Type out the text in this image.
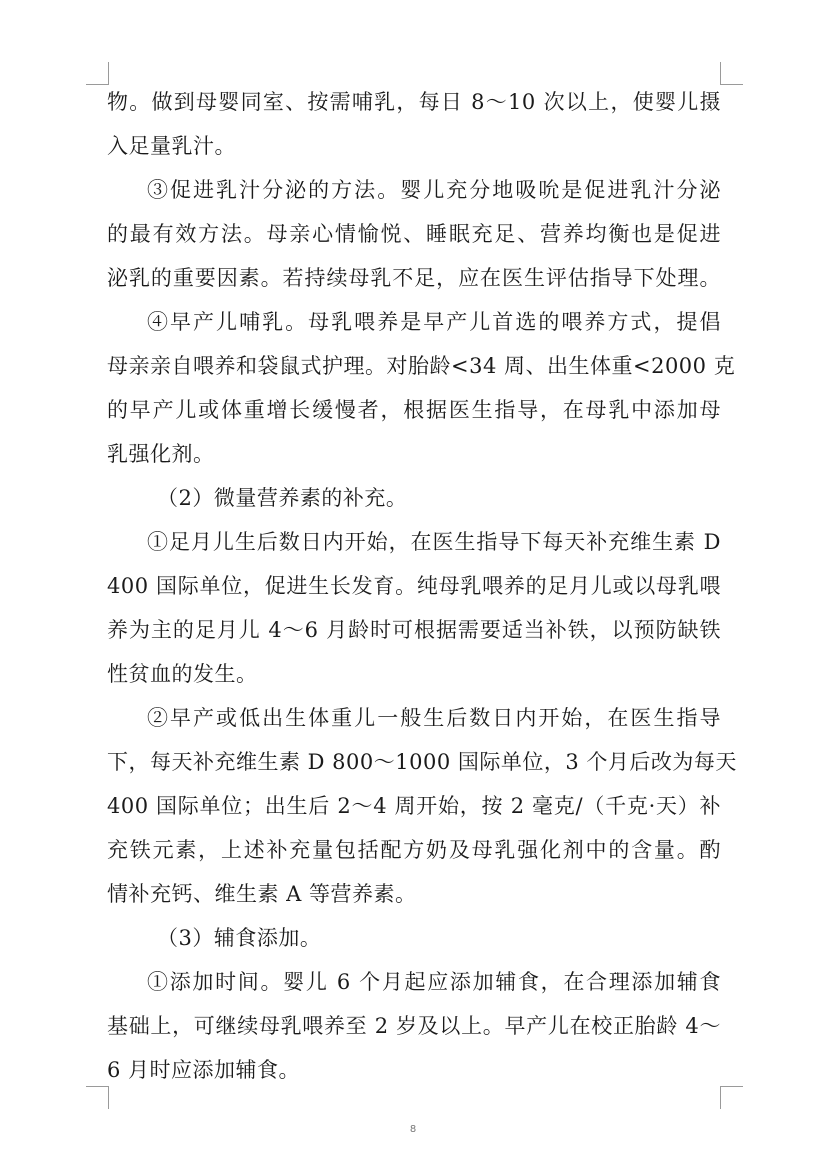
物。做到母婴同室、按需哺乳，每日 8～10 次以上，使婴儿摄
入足量乳汁。
③促进乳汁分泌的方法。婴儿充分地吸吮是促进乳汁分泌
的最有效方法。母亲心情愉悦、睡眠充足、营养均衡也是促进
泌乳的重要因素。若持续母乳不足，应在医生评估指导下处理。
④早产儿哺乳。母乳喂养是早产儿首选的喂养方式，提倡
母亲亲自喂养和袋鼠式护理。对胎龄<34 周、出生体重<2000 克
的早产儿或体重增长缓慢者，根据医生指导，在母乳中添加母
乳强化剂。
（2）微量营养素的补充。
①足月儿生后数日内开始，在医生指导下每天补充维生素 D
400 国际单位，促进生长发育。纯母乳喂养的足月儿或以母乳喂
养为主的足月儿 4～6 月龄时可根据需要适当补铁，以预防缺铁
性贫血的发生。
②早产或低出生体重儿一般生后数日内开始，在医生指导
下，每天补充维生素 D 800～1000 国际单位，3 个月后改为每天
400 国际单位；出生后 2～4 周开始，按 2 毫克/（千克·天）补
充铁元素，上述补充量包括配方奶及母乳强化剂中的含量。酌
情补充钙、维生素 A 等营养素。
（3）辅食添加。
①添加时间。婴儿 6 个月起应添加辅食，在合理添加辅食
基础上，可继续母乳喂养至 2 岁及以上。早产儿在校正胎龄 4～
6 月时应添加辅食。
8
